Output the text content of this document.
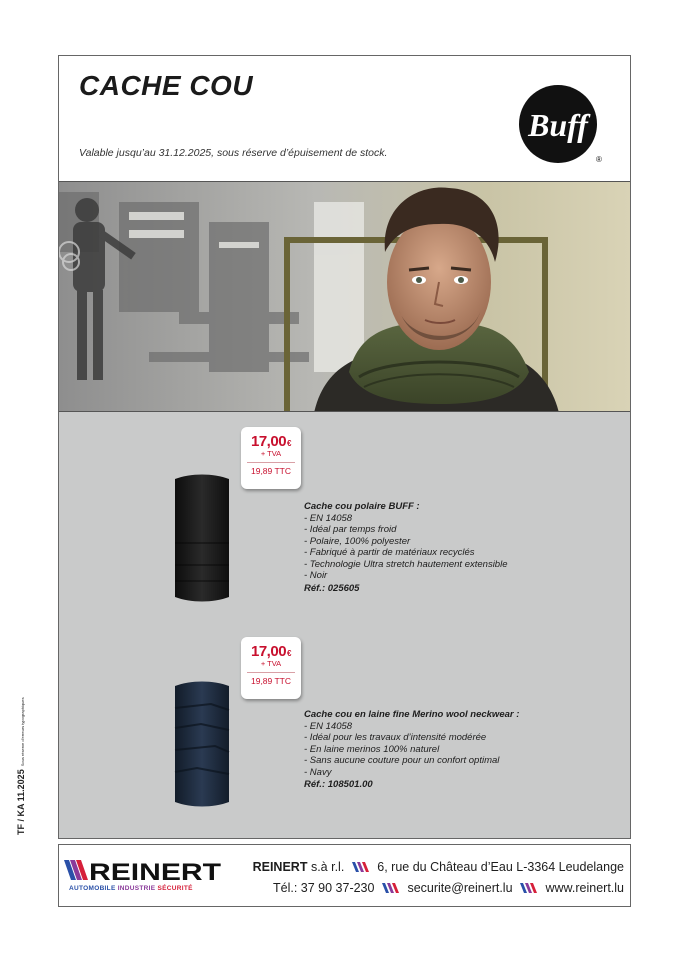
TF / KA 11.2025Sous réserve d’erreurs typographiques
CACHE COU
Valable jusqu’au 31.12.2025, sous réserve d’épuisement de stock.
Buff
®
17,00€
+ TVA
19,89 TTC
Cache cou polaire BUFF :
- EN 14058
- Idéal par temps froid
- Polaire, 100% polyester
- Fabriqué à partir de matériaux recyclés
- Technologie Ultra stretch hautement extensible
- Noir
Réf.: 025605
17,00€
+ TVA
19,89 TTC
Cache cou en laine fine Merino wool neckwear :
- EN 14058
- Idéal pour les travaux d’intensité modérée
- En laine merinos 100% naturel
- Sans aucune couture pour un confort optimal
- Navy
Réf.: 108501.00
REINERT
AUTOMOBILE INDUSTRIE SÉCURITÉ
REINERT s.à r.l.	6, rue du Château d’Eau L-3364 Leudelange
Tél.: 37 90 37-230	securite@reinert.lu	www.reinert.lu
